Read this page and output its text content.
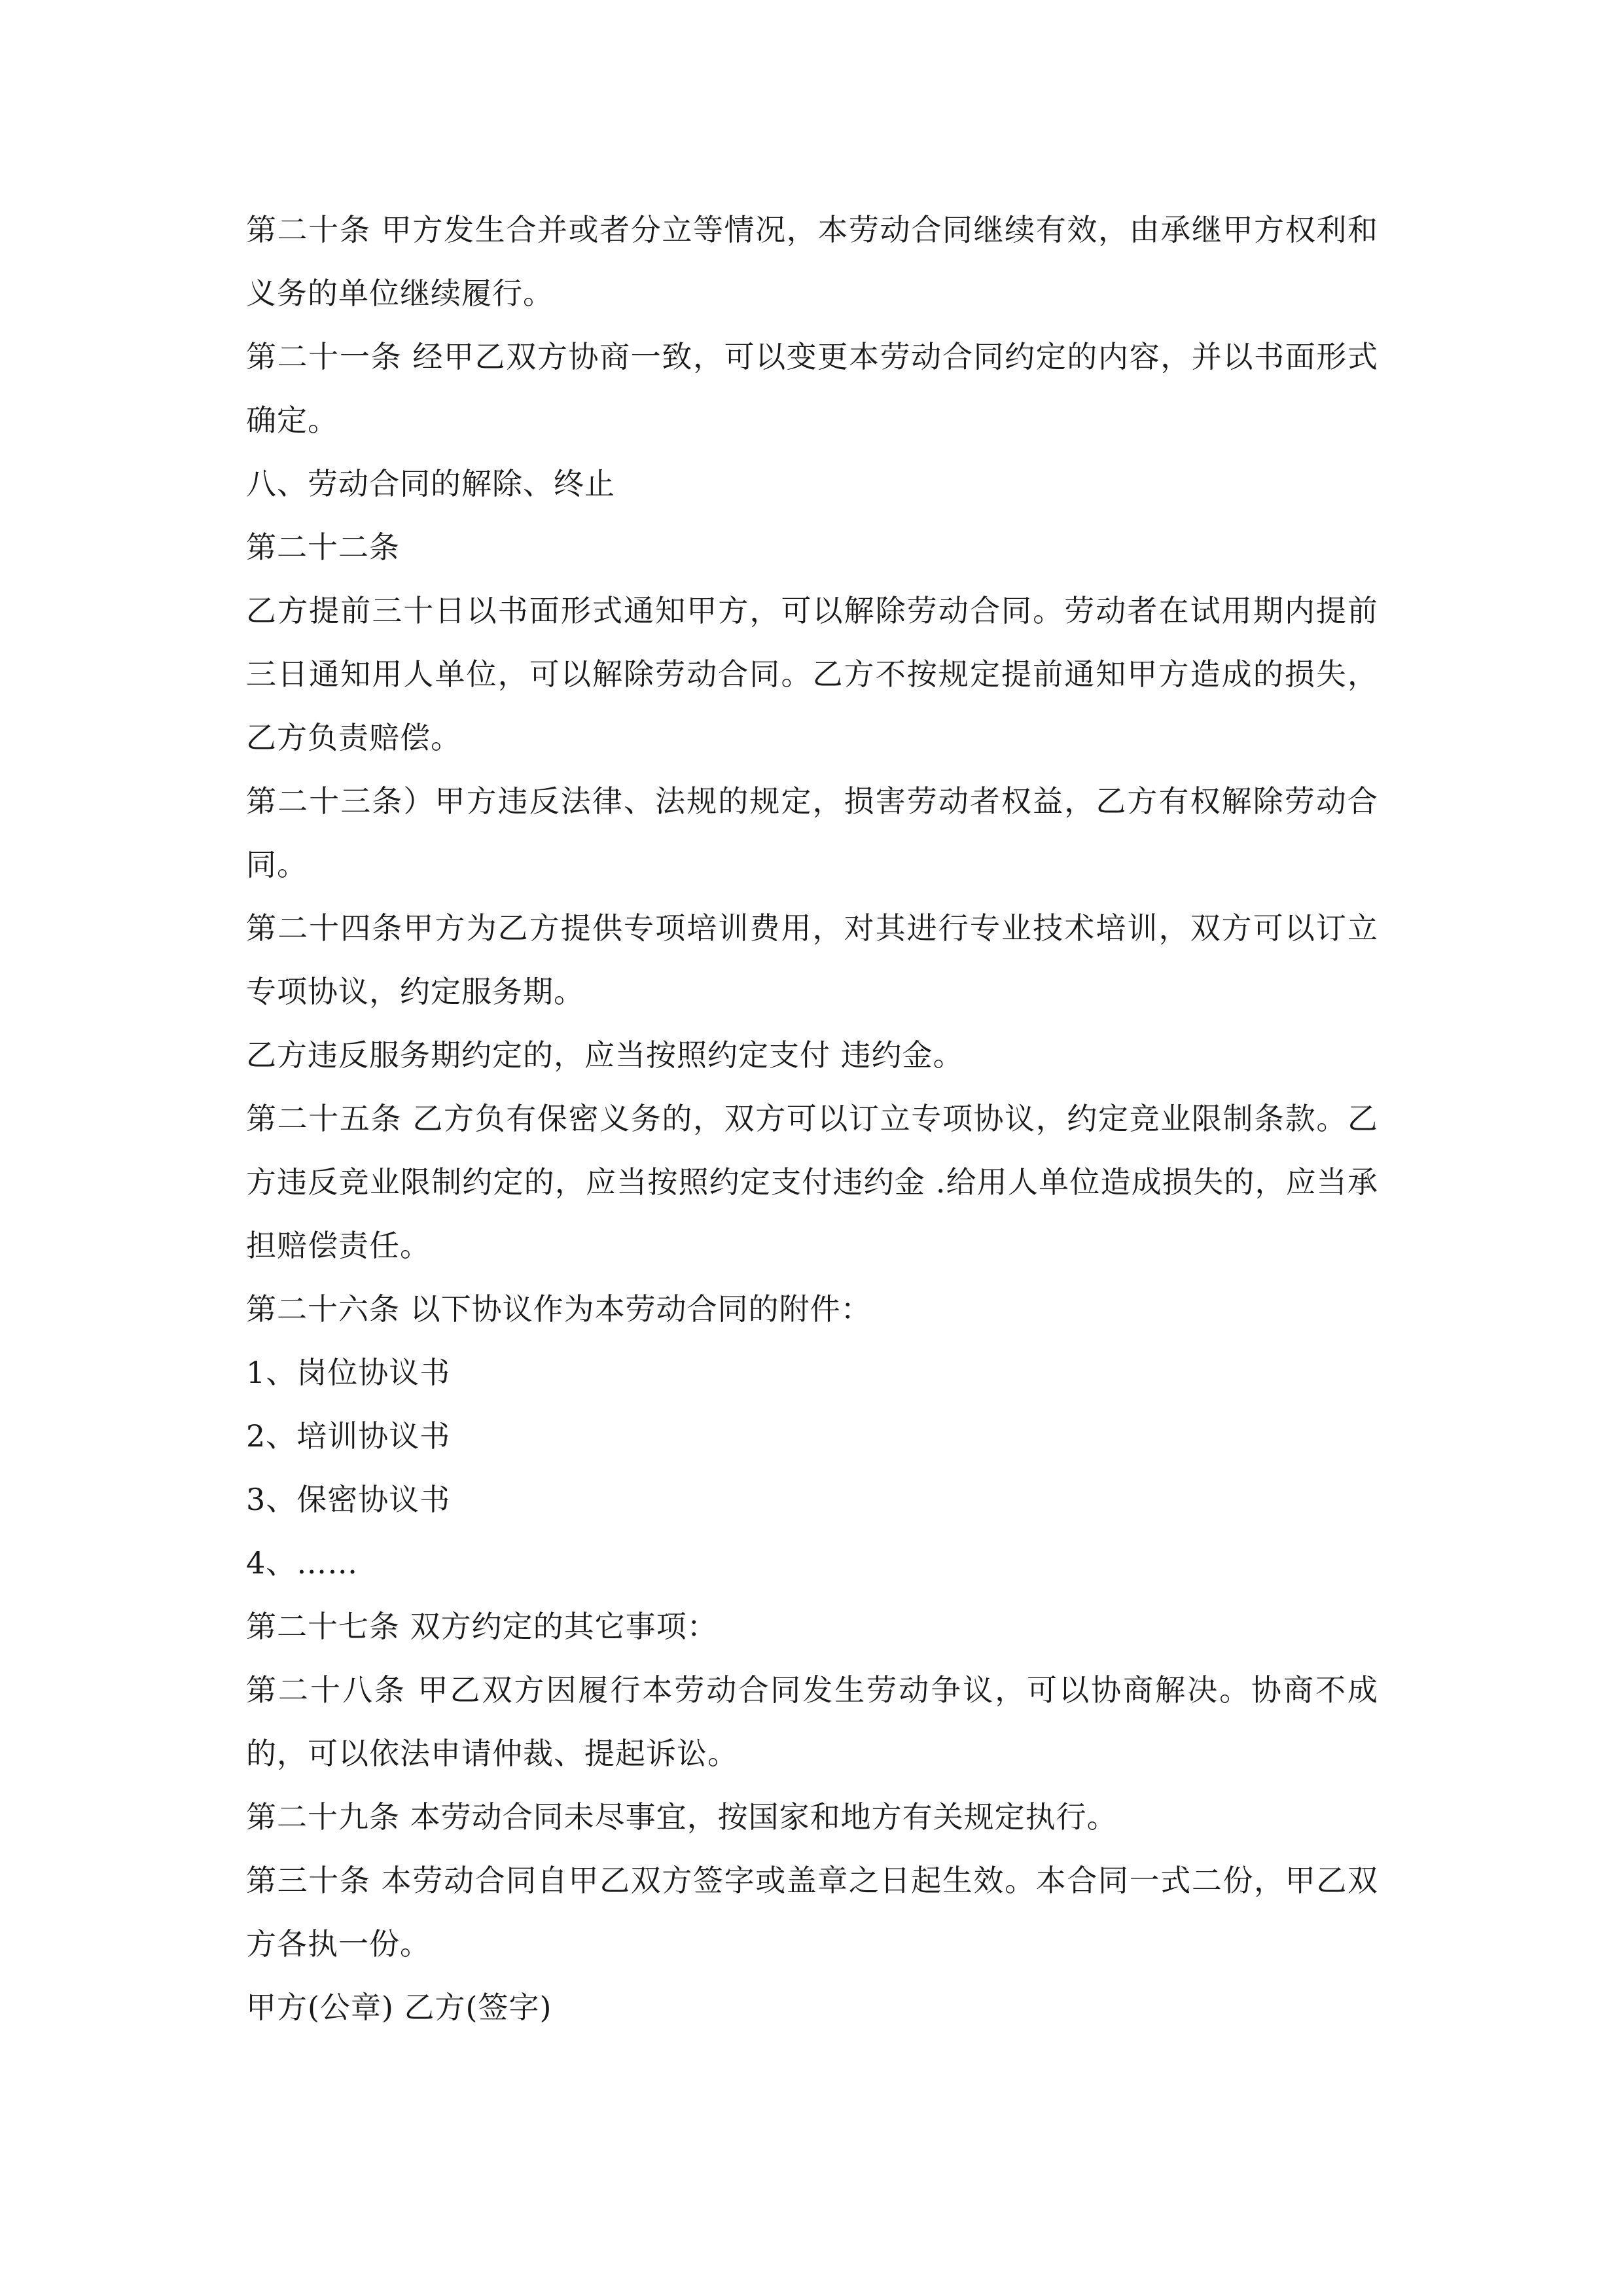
第二十条 甲方发生合并或者分立等情况，本劳动合同继续有效，由承继甲方权利和义务的单位继续履行。

第二十一条 经甲乙双方协商一致，可以变更本劳动合同约定的内容，并以书面形式确定。

八、劳动合同的解除、终止

第二十二条

乙方提前三十日以书面形式通知甲方，可以解除劳动合同。劳动者在试用期内提前三日通知用人单位，可以解除劳动合同。乙方不按规定提前通知甲方造成的损失，乙方负责赔偿。

第二十三条）甲方违反法律、法规的规定，损害劳动者权益，乙方有权解除劳动合同。

第二十四条甲方为乙方提供专项培训费用，对其进行专业技术培训，双方可以订立专项协议，约定服务期。

乙方违反服务期约定的，应当按照约定支付 违约金。

第二十五条 乙方负有保密义务的，双方可以订立专项协议，约定竞业限制条款。乙方违反竞业限制约定的，应当按照约定支付违约金 .给用人单位造成损失的，应当承担赔偿责任。

第二十六条 以下协议作为本劳动合同的附件：

1、岗位协议书

2、培训协议书

3、保密协议书

4、……

第二十七条 双方约定的其它事项：

第二十八条 甲乙双方因履行本劳动合同发生劳动争议，可以协商解决。协商不成的，可以依法申请仲裁、提起诉讼。

第二十九条 本劳动合同未尽事宜，按国家和地方有关规定执行。

第三十条 本劳动合同自甲乙双方签字或盖章之日起生效。本合同一式二份，甲乙双方各执一份。

甲方(公章) 乙方(签字)
